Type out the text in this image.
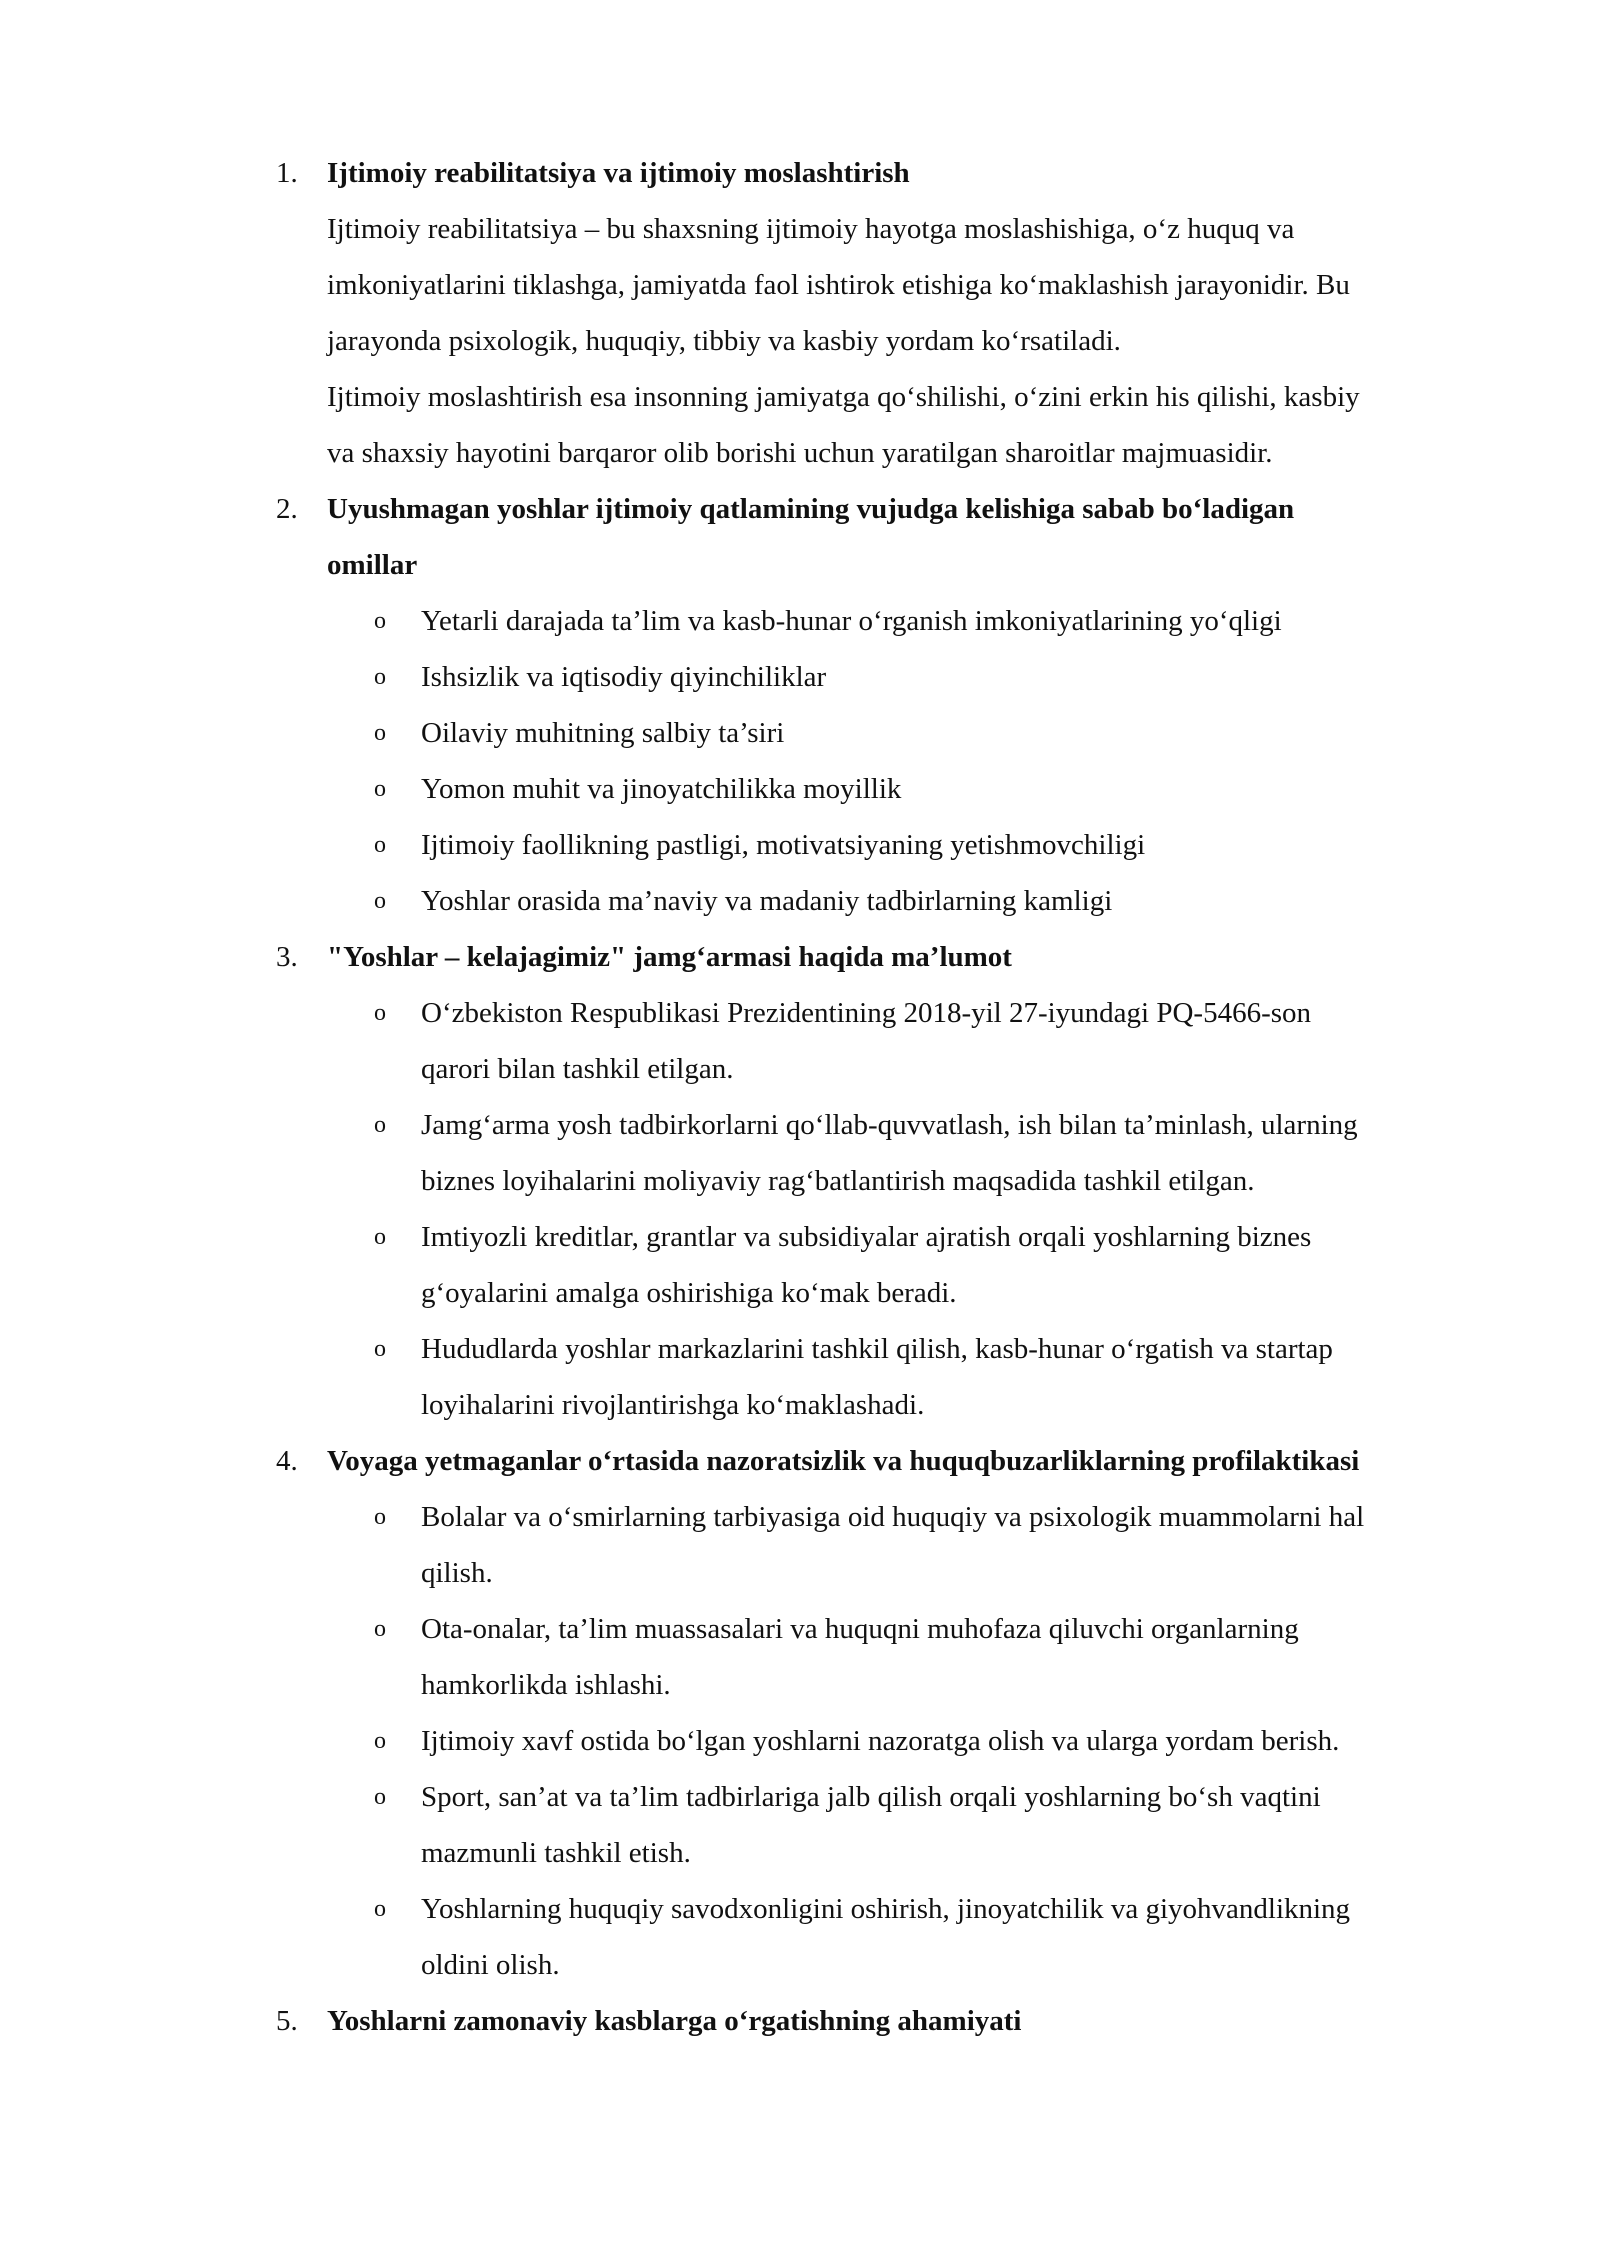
1. Ijtimoiy reabilitatsiya va ijtimoiy moslashtirish
Ijtimoiy reabilitatsiya – bu shaxsning ijtimoiy hayotga moslashishiga, o‘z huquq va
imkoniyatlarini tiklashga, jamiyatda faol ishtirok etishiga ko‘maklashish jarayonidir. Bu
jarayonda psixologik, huquqiy, tibbiy va kasbiy yordam ko‘rsatiladi.
Ijtimoiy moslashtirish esa insonning jamiyatga qo‘shilishi, o‘zini erkin his qilishi, kasbiy
va shaxsiy hayotini barqaror olib borishi uchun yaratilgan sharoitlar majmuasidir.
2. Uyushmagan yoshlar ijtimoiy qatlamining vujudga kelishiga sabab bo‘ladigan
omillar
o Yetarli darajada ta’lim va kasb-hunar o‘rganish imkoniyatlarining yo‘qligi
o Ishsizlik va iqtisodiy qiyinchiliklar
o Oilaviy muhitning salbiy ta’siri
o Yomon muhit va jinoyatchilikka moyillik
o Ijtimoiy faollikning pastligi, motivatsiyaning yetishmovchiligi
o Yoshlar orasida ma’naviy va madaniy tadbirlarning kamligi
3. "Yoshlar – kelajagimiz" jamg‘armasi haqida ma’lumot
o O‘zbekiston Respublikasi Prezidentining 2018-yil 27-iyundagi PQ-5466-son
qarori bilan tashkil etilgan.
o Jamg‘arma yosh tadbirkorlarni qo‘llab-quvvatlash, ish bilan ta’minlash, ularning
biznes loyihalarini moliyaviy rag‘batlantirish maqsadida tashkil etilgan.
o Imtiyozli kreditlar, grantlar va subsidiyalar ajratish orqali yoshlarning biznes
g‘oyalarini amalga oshirishiga ko‘mak beradi.
o Hududlarda yoshlar markazlarini tashkil qilish, kasb-hunar o‘rgatish va startap
loyihalarini rivojlantirishga ko‘maklashadi.
4. Voyaga yetmaganlar o‘rtasida nazoratsizlik va huquqbuzarliklarning profilaktikasi
o Bolalar va o‘smirlarning tarbiyasiga oid huquqiy va psixologik muammolarni hal
qilish.
o Ota-onalar, ta’lim muassasalari va huquqni muhofaza qiluvchi organlarning
hamkorlikda ishlashi.
o Ijtimoiy xavf ostida bo‘lgan yoshlarni nazoratga olish va ularga yordam berish.
o Sport, san’at va ta’lim tadbirlariga jalb qilish orqali yoshlarning bo‘sh vaqtini
mazmunli tashkil etish.
o Yoshlarning huquqiy savodxonligini oshirish, jinoyatchilik va giyohvandlikning
oldini olish.
5. Yoshlarni zamonaviy kasblarga o‘rgatishning ahamiyati
